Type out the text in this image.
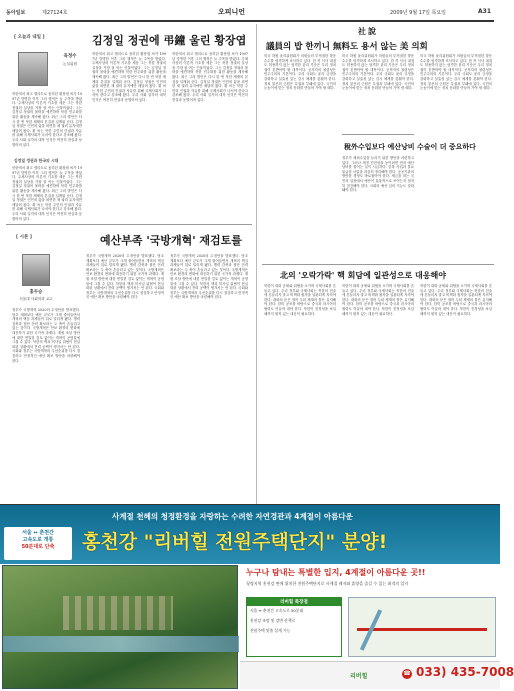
동아일보	제27124호	오피니언	2009년 9월 17일 목요일	A31
[ 오늘과 내일 ]	김정일 정권에 弔鐘 울린 황장엽
육정수
논설위원
북한에서 최고 엘리트로 꼽히던 황장엽 씨가 1997년 망명한 이후 그의 행적은 늘 주목을 받았다. 주체사상의 이론적 기초를 세운 그는 북한 정권의 실상을 가장 잘 아는 인물이었다. 그는 김정일 정권의 몰락을 예견하며 북한 민주화를 위한 활동을 계속해 왔다. 최근 그의 발언은 다시 한 번 북한 체제의 본질을 일깨워 준다. 김정일 정권은 인민의 삶을 외면한 채 권력 유지에만 매달려 왔다. 황 씨는 북한 주민의 인권과 자유를 위해 국제사회가 나서야 한다고 강조해 왔다. 우리 사회 일각의 대북 인식은 여전히 현실과 동떨어져 있다.
김정일 정권과 한국의 시대
북한에서 최고 엘리트로 꼽히던 황장엽 씨가 1997년 망명한 이후 그의 행적은 늘 주목을 받았다. 주체사상의 이론적 기초를 세운 그는 북한 정권의 실상을 가장 잘 아는 인물이었다. 그는 김정일 정권의 몰락을 예견하며 북한 민주화를 위한 활동을 계속해 왔다. 최근 그의 발언은 다시 한 번 북한 체제의 본질을 일깨워 준다. 김정일 정권은 인민의 삶을 외면한 채 권력 유지에만 매달려 왔다. 황 씨는 북한 주민의 인권과 자유를 위해 국제사회가 나서야 한다고 강조해 왔다. 우리 사회 일각의 대북 인식은 여전히 현실과 동떨어져 있다.
북한에서 최고 엘리트로 꼽히던 황장엽 씨가 1997년 망명한 이후 그의 행적은 늘 주목을 받았다. 주체사상의 이론적 기초를 세운 그는 북한 정권의 실상을 가장 잘 아는 인물이었다. 그는 김정일 정권의 몰락을 예견하며 북한 민주화를 위한 활동을 계속해 왔다. 최근 그의 발언은 다시 한 번 북한 체제의 본질을 일깨워 준다. 김정일 정권은 인민의 삶을 외면한 채 권력 유지에만 매달려 왔다. 황 씨는 북한 주민의 인권과 자유를 위해 국제사회가 나서야 한다고 강조해 왔다. 우리 사회 일각의 대북 인식은 여전히 현실과 동떨어져 있다.
북한에서 최고 엘리트로 꼽히던 황장엽 씨가 1997년 망명한 이후 그의 행적은 늘 주목을 받았다. 주체사상의 이론적 기초를 세운 그는 북한 정권의 실상을 가장 잘 아는 인물이었다. 그는 김정일 정권의 몰락을 예견하며 북한 민주화를 위한 활동을 계속해 왔다. 최근 그의 발언은 다시 한 번 북한 체제의 본질을 일깨워 준다. 김정일 정권은 인민의 삶을 외면한 채 권력 유지에만 매달려 왔다. 황 씨는 북한 주민의 인권과 자유를 위해 국제사회가 나서야 한다고 강조해 왔다. 우리 사회 일각의 대북 인식은 여전히 현실과 동떨어져 있다.
[ 시론 ]	예산부족 '국방개혁' 재검토를
홍두승
서울대 사회학과 교수
정부가 국방개혁 2020의 수정안을 발표했다. 당초 계획보다 예산 규모가 크게 줄어들면서 개혁의 핵심 과제들이 뒤로 밀리게 됐다. 병력 감축과 첨단 전력 확보라는 두 축이 흔들리고 있는 것이다. 국방개혁은 안보 환경의 변화에 대응하기 위한 국가적 과제다. 재원 조달 방안에 대한 면밀한 검토 없이는 개혁이 공염불에 그칠 수 있다. 북한의 핵과 미사일 위협이 현실화된 상황에서 전력 공백이 생겨서는 안 된다. 국회와 정부는 국방개혁의 우선순위를 다시 점검하고 안정적인 예산 확보 방안을 마련해야 한다.
정부가 국방개혁 2020의 수정안을 발표했다. 당초 계획보다 예산 규모가 크게 줄어들면서 개혁의 핵심 과제들이 뒤로 밀리게 됐다. 병력 감축과 첨단 전력 확보라는 두 축이 흔들리고 있는 것이다. 국방개혁은 안보 환경의 변화에 대응하기 위한 국가적 과제다. 재원 조달 방안에 대한 면밀한 검토 없이는 개혁이 공염불에 그칠 수 있다. 북한의 핵과 미사일 위협이 현실화된 상황에서 전력 공백이 생겨서는 안 된다. 국회와 정부는 국방개혁의 우선순위를 다시 점검하고 안정적인 예산 확보 방안을 마련해야 한다.
정부가 국방개혁 2020의 수정안을 발표했다. 당초 계획보다 예산 규모가 크게 줄어들면서 개혁의 핵심 과제들이 뒤로 밀리게 됐다. 병력 감축과 첨단 전력 확보라는 두 축이 흔들리고 있는 것이다. 국방개혁은 안보 환경의 변화에 대응하기 위한 국가적 과제다. 재원 조달 방안에 대한 면밀한 검토 없이는 개혁이 공염불에 그칠 수 있다. 북한의 핵과 미사일 위협이 현실화된 상황에서 전력 공백이 생겨서는 안 된다. 국회와 정부는 국방개혁의 우선순위를 다시 점검하고 안정적인 예산 확보 방안을 마련해야 한다.
社說
議員의 밥 한끼니 無料도 용서 않는 美 의회
미국 하원 윤리위원회가 의원들의 부적절한 향응 수수를 엄격하게 조사하고 있다. 한 끼 식사 대접도 허용하지 않는 엄격한 윤리 기준은 우리 정치권이 본받아야 할 대목이다. 공직자의 청렴성은 민주주의의 기본이다. 우리 국회도 윤리 규정을 강화하고 실효성 있는 감시 체계를 갖춰야 한다. 정치 불신의 근원은 특권과 부패에 있다. 국민의 눈높이에 맞는 정치 문화를 만들어 가야 할 때다.
미국 하원 윤리위원회가 의원들의 부적절한 향응 수수를 엄격하게 조사하고 있다. 한 끼 식사 대접도 허용하지 않는 엄격한 윤리 기준은 우리 정치권이 본받아야 할 대목이다. 공직자의 청렴성은 민주주의의 기본이다. 우리 국회도 윤리 규정을 강화하고 실효성 있는 감시 체계를 갖춰야 한다. 정치 불신의 근원은 특권과 부패에 있다. 국민의 눈높이에 맞는 정치 문화를 만들어 가야 할 때다.
미국 하원 윤리위원회가 의원들의 부적절한 향응 수수를 엄격하게 조사하고 있다. 한 끼 식사 대접도 허용하지 않는 엄격한 윤리 기준은 우리 정치권이 본받아야 할 대목이다. 공직자의 청렴성은 민주주의의 기본이다. 우리 국회도 윤리 규정을 강화하고 실효성 있는 감시 체계를 갖춰야 한다. 정치 불신의 근원은 특권과 부패에 있다. 국민의 눈높이에 맞는 정치 문화를 만들어 가야 할 때다.
稅外수입보다 예산낭비 수술이 더 중요하다
정부가 세외수입을 늘리기 위한 방안을 마련하고 있다. 그러나 재정 건전성을 높이려면 먼저 예산 낭비를 줄이는 일이 시급하다. 중복 사업과 불요불급한 사업을 과감히 정리해야 한다. 공공기관의 방만한 경영도 바로잡아야 한다. 세금을 내는 국민의 입장에서 예산이 효율적으로 쓰이는지 철저히 점검해야 한다. 국회의 예산 심의 기능도 강화돼야 한다.
北의 '오락가락' 핵 회담에 일관성으로 대응해야
북한이 대화 공세와 위협을 오가며 국제사회를 흔들고 있다. 우리 정부와 국제사회는 북한의 전술에 흔들리지 말고 비핵화 원칙을 일관되게 지켜야 한다. 대화의 문은 열어 두되 제재의 틀은 유지해야 한다. 한미 공조를 바탕으로 중국과 러시아의 협력도 이끌어 내야 한다. 북한이 진정성을 보일 때까지 원칙 있는 대응이 필요하다.
북한이 대화 공세와 위협을 오가며 국제사회를 흔들고 있다. 우리 정부와 국제사회는 북한의 전술에 흔들리지 말고 비핵화 원칙을 일관되게 지켜야 한다. 대화의 문은 열어 두되 제재의 틀은 유지해야 한다. 한미 공조를 바탕으로 중국과 러시아의 협력도 이끌어 내야 한다. 북한이 진정성을 보일 때까지 원칙 있는 대응이 필요하다.
북한이 대화 공세와 위협을 오가며 국제사회를 흔들고 있다. 우리 정부와 국제사회는 북한의 전술에 흔들리지 말고 비핵화 원칙을 일관되게 지켜야 한다. 대화의 문은 열어 두되 제재의 틀은 유지해야 한다. 한미 공조를 바탕으로 중국과 러시아의 협력도 이끌어 내야 한다. 북한이 진정성을 보일 때까지 원칙 있는 대응이 필요하다.
사계절 천혜의 청정환경을 자랑하는 수려한 자연경관과 4계절이 아름다운
서울 ↔ 춘천간
고속도로 개통
50분대로 단축	홍천강 "리버힐 전원주택단지" 분양!
누구나 탐내는 특별한 입지, 4계절이 아름다운 곳!!
청정지역 홍천강 변에 위치한 전원주택단지로 사계절 레저와 휴양을 즐길 수 있는 최적의 입지
리버힐 특장점
서울 ↔ 춘천간 고속도로 50분대
홍천강 조망 및 강변 산책로
전원주택 맞춤 설계 가능
☎ 033) 435-7008
리버힐
